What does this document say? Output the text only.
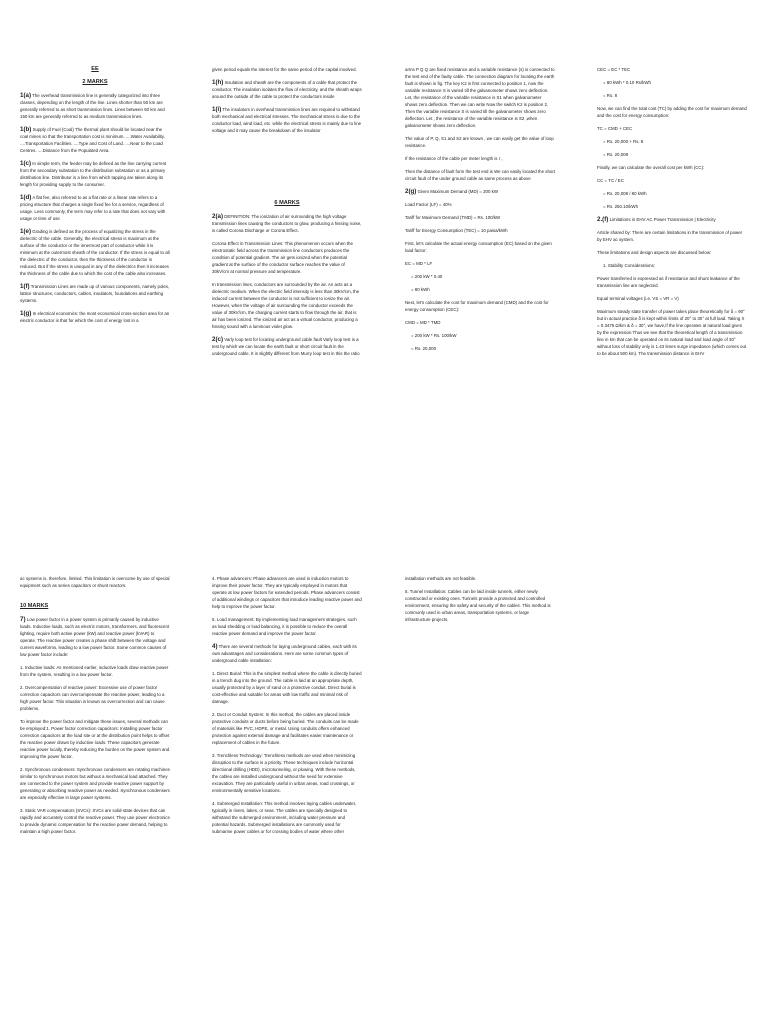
EE

2 MARKS

1(a) The overhead transmission line is generally categorized into three classes, depending on the length of the line. Lines shorter than 50 km are generally referred to as short transmission lines. Lines between 50 km and 150 km are generally referred to as medium transmission lines.

1(b) Supply of Fuel (Coal) The thermal plant should be located near the coal mines so that the transportation cost is minimum. ....Water Availability. ....Transportation Facilities. ....Type and Cost of Land. ....Near to the Load Centres. ....Distance from the Populated Area.

1(c) In simple term, the feeder may be defined as the line carrying current from the secondary substation to the distribution substation or as a primary distribution line. Distributor is a line from which tapping are taken along its length for providing supply to the consumer.

1(d) A flat fee, also referred to as a flat rate or a linear rate refers to a pricing structure that charges a single fixed fee for a service, regardless of usage. Less commonly, the term may refer to a rate that does not vary with usage or time of use

1(e) Grading is defined as the process of equalizing the stress in the dielectric of the cable. Generally, the electrical stress is maximum at the surface of the conductor or the innermost part of conductor while it is minimum at the outermost sheath of the conductor. If the stress is equal to all the dielectric of the conductor, then the thickness of the conductor is reduced. But if the stress is unequal in any of the dielectrics then it increases the thickness of the cable due to which the cost of the cable also increases.

1(f) Transmission Lines are made up of various components, namely poles, lattice structures, conductors, cables, insulators, foundations and earthing systems.

1(g) In electrical economics: the most economical cross-section area for an electric conductor is that for which the cost of energy lost in a

given period equals the interest for the same period of the capital involved.

1(h) Insulation and sheath are the components of a cable that protect the conductor. The insulation isolates the flow of electricity, and the sheath wraps around the outside of the cable to protect the conductors inside

1(i) The insulators in overhead transmission lines are required to withstand both mechanical and electrical stresses. The mechanical stress is due to the conductor load, wind load, etc. while the electrical stress is mainly due to line voltage and it may cause the breakdown of the insulator

6 MARKS

2(a) DEFINITION: The ionization of air surrounding the high voltage transmission lines causing the conductors to glow, producing a hissing noise, is called Corona Discharge or Corona Effect.

Corona Effect in Transmission Lines: This phenomenon occurs when the electrostatic field across the transmission line conductors produces the condition of potential gradient. The air gets ionized when the potential gradient at the surface of the conductor surface reaches the value of 30kV/cm at normal pressure and temperature.

In transmission lines, conductors are surrounded by the air. An acts as a dielectric medium. When the electric field intensity is less than 30kV/cm, the induced current between the conductor is not sufficient to ionize the air. However, when the voltage of air surrounding the conductor exceeds the value of 30kV/cm, the charging current starts to flow through the air, that is air has been ionized. The ionized air act as a virtual conductor, producing a hissing sound with a luminous violet glow.

2(c) Varly loop test for locating underground cable fault Varly loop test is a test by which we can locate the earth fault or short circuit fault in the underground cable. It is slightly different from Murry loop test in this the ratio

arms P Q Q are fixed resistance and a variable resistance (s) is connected to the test end of the faulty cable. The connection diagram for locating the earth fault is shown in fig. The key K2 is first connected to position 1, now the variable resistance S is varied till the galvanometer shows zero deflection. Let, the resistance of the variable resistance is S1 when galvanometer shows zero deflection. Then we can write Now the switch K2 is position 2. Then the variable resistance S is varied till the galvanometer shows zero deflection. Let , the resistance of the variable resistance is S2 ,when galvanometer shows zero deflection.

The value of P, Q, S1 and S2 are known , we can easily get the value of loop resistance.

If the resistance of the cable per meter length is r ,

Then the distance of fault form the test end is We can easily located the short circuit fault of the under ground cable as same process as above

2(g) Given Maximum Demand (MD) = 200 kW

Load Factor (LF) = 40%

Tariff for Maximum Demand (TMD) = Rs. 100/kW

Tariff for Energy Consumption (TEC) = 10 paisa/kWh

First, let's calculate the actual energy consumption (EC) based on the given load factor:

EC = MD * LF

= 200 kW * 0.40

= 80 kWh

Next, let's calculate the cost for maximum demand (CMD) and the cost for energy consumption (CEC):

CMD = MD * TMD

= 200 kW * Rs. 100/kW

= Rs. 20,000

CEC = EC * TEC

= 80 kWh * 0.10 Rs/kWh

= Rs. 8

Now, we can find the total cost (TC) by adding the cost for maximum demand and the cost for energy consumption:

TC = CMD + CEC

= Rs. 20,000 + Rs. 8

= Rs. 20,008

Finally, we can calculate the overall cost per kWh (CC):

CC = TC / EC

= Rs. 20,008 / 80 kWh

= Rs. 250.10/kWh

2.(f) Limitations in EHV AC Power Transmission | Electricity

Article shared by: There are certain limitations in the transmission of power by EHV ac system.

These limitations and design aspects are discussed below:

1. Stability Considerations:

Power transferred is expressed as if resistance and shunt leakance of the transmission line are neglected.

Equal terminal voltages (i.e. VS = VR = V)

Maximum steady state transfer of power takes place theoretically for δ = 90° but in actual practice δ is kept within limits of 20° to 30° at full load. Taking X = 0.3475 Ω/km & δ = 30°, we have,If the line operates at natural load given by the expression Thus we see that the theoretical length of a transmission line in km that can be operated on its natural load and load angle of 30° without loss of stability only is 1.43 times surge impedance (which comes out to be about 500 km). The transmission distance in EHV

ac systems is, therefore, limited. This limitation is overcome by use of special equipment such as series capacitors or shunt reactors.

10 MARKS

7) Low power factor in a power system is primarily caused by inductive loads. Inductive loads, such as electric motors, transformers, and fluorescent lighting, require both active power (kW) and reactive power (kVAR) to operate. The reactive power creates a phase shift between the voltage and current waveforms, leading to a low power factor. Some common causes of low power factor include:

1. Inductive loads: As mentioned earlier, inductive loads draw reactive power from the system, resulting in a low power factor.

2. Overcompensation of reactive power: Excessive use of power factor correction capacitors can overcompensate the reactive power, leading to a high power factor. This situation is known as overcorrection and can cause problems.

To improve the power factor and mitigate these issues, several methods can be employed:1. Power factor correction capacitors: Installing power factor correction capacitors at the load site or at the distribution point helps to offset the reactive power drawn by inductive loads. These capacitors generate reactive power locally, thereby reducing the burden on the power system and improving the power factor.

2. Synchronous condensers: Synchronous condensers are rotating machines similar to synchronous motors but without a mechanical load attached. They are connected to the power system and provide reactive power support by generating or absorbing reactive power as needed. Synchronous condensers are especially effective in large power systems.

3. Static VAR compensators (SVCs): SVCs are solid-state devices that can rapidly and accurately control the reactive power. They use power electronics to provide dynamic compensation for the reactive power demand, helping to maintain a high power factor.

4. Phase advancers: Phase advancers are used in induction motors to improve their power factor. They are typically employed in motors that operate at low power factors for extended periods. Phase advancers consist of additional windings or capacitors that introduce leading reactive power and help to improve the power factor.

5. Load management: By implementing load management strategies, such as load shedding or load balancing, it is possible to reduce the overall reactive power demand and improve the power factor.

4) There are several methods for laying underground cables, each with its own advantages and considerations. Here are some common types of underground cable installation:

1. Direct Burial: This is the simplest method where the cable is directly buried in a trench dug into the ground. The cable is laid at an appropriate depth, usually protected by a layer of sand or a protective conduit. Direct burial is cost-effective and suitable for areas with low traffic and minimal risk of damage.

2. Duct or Conduit System: In this method, the cables are placed inside protective conduits or ducts before being buried. The conduits can be made of materials like PVC, HDPE, or metal. Using conduits offers enhanced protection against external damage and facilitates easier maintenance or replacement of cables in the future.

3. Trenchless Technology: Trenchless methods are used when minimizing disruption to the surface is a priority. These techniques include horizontal directional drilling (HDD), microtunneling, or plowing. With these methods, the cables are installed underground without the need for extensive excavation. They are particularly useful in urban areas, road crossings, or environmentally sensitive locations.

4. Submerged Installation: This method involves laying cables underwater, typically in rivers, lakes, or seas. The cables are specially designed to withstand the submerged environment, including water pressure and potential hazards. Submerged installations are commonly used for submarine power cables or for crossing bodies of water where other

installation methods are not feasible.

5. Tunnel Installation: Cables can be laid inside tunnels, either newly constructed or existing ones. Tunnels provide a protected and controlled environment, ensuring the safety and security of the cables. This method is commonly used in urban areas, transportation systems, or large infrastructure projects.
